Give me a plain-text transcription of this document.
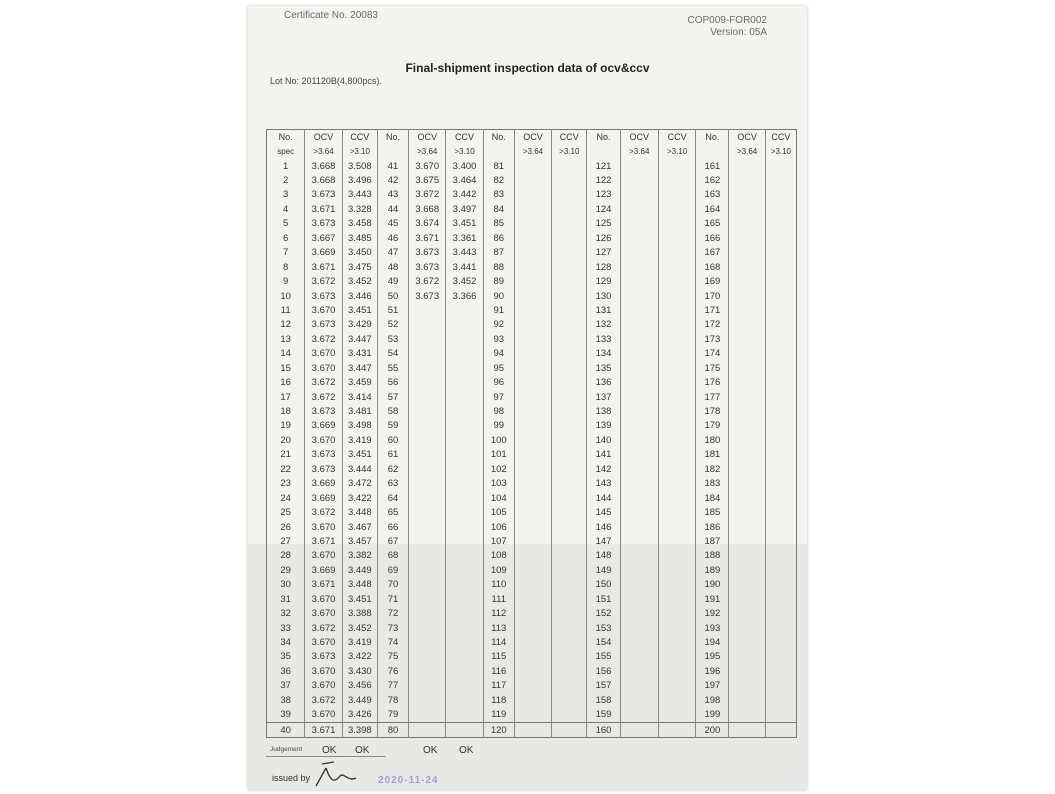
Certificate No. 20083	COP009-FOR002
Version: 05A
Final-shipment inspection data of ocv&ccv
Lot No: 201120B(4,800pcs).
No.	OCV	CCV	No.	OCV	CCV	No.	OCV	CCV	No.	OCV	CCV	No.	OCV	CCV
spec	>3.64	>3.10		>3.64	>3.10		>3.64	>3.10		>3.64	>3.10		>3.64	>3.10
1	3.668	3.508	41	3.670	3.400	81			121			161		
2	3.668	3.496	42	3.675	3.464	82			122			162		
3	3.673	3.443	43	3.672	3.442	83			123			163		
4	3.671	3.328	44	3.668	3.497	84			124			164		
5	3.673	3.458	45	3.674	3.451	85			125			165		
6	3.667	3.485	46	3.671	3.361	86			126			166		
7	3.669	3.450	47	3.673	3.443	87			127			167		
8	3.671	3.475	48	3.673	3.441	88			128			168		
9	3.672	3.452	49	3.672	3.452	89			129			169		
10	3.673	3.446	50	3.673	3.366	90			130			170		
11	3.670	3.451	51			91			131			171		
12	3.673	3.429	52			92			132			172		
13	3.672	3.447	53			93			133			173		
14	3.670	3.431	54			94			134			174		
15	3.670	3.447	55			95			135			175		
16	3.672	3.459	56			96			136			176		
17	3.672	3.414	57			97			137			177		
18	3.673	3.481	58			98			138			178		
19	3.669	3.498	59			99			139			179		
20	3.670	3.419	60			100			140			180		
21	3.673	3.451	61			101			141			181		
22	3.673	3.444	62			102			142			182		
23	3.669	3.472	63			103			143			183		
24	3.669	3.422	64			104			144			184		
25	3.672	3.448	65			105			145			185		
26	3.670	3.467	66			106			146			186		
27	3.671	3.457	67			107			147			187		
28	3.670	3.382	68			108			148			188		
29	3.669	3.449	69			109			149			189		
30	3.671	3.448	70			110			150			190		
31	3.670	3.451	71			111			151			191		
32	3.670	3.388	72			112			152			192		
33	3.672	3.452	73			113			153			193		
34	3.670	3.419	74			114			154			194		
35	3.673	3.422	75			115			155			195		
36	3.670	3.430	76			116			156			196		
37	3.670	3.456	77			117			157			197		
38	3.672	3.449	78			118			158			198		
39	3.670	3.426	79			119			159			199		
40	3.671	3.398	80			120			160			200		
Judgement OK OK	OK OK
issued by	2020-11-24
